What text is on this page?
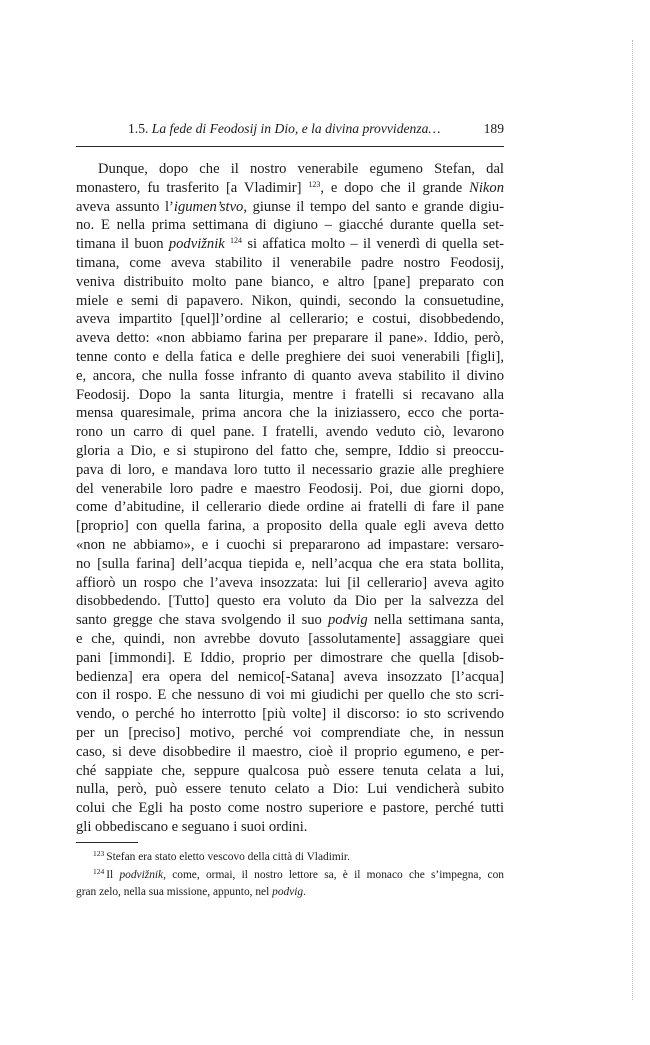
1.5. La fede di Feodosij in Dio, e la divina provvidenza…	189
Dunque, dopo che il nostro venerabile egumeno Stefan, dal
monastero, fu trasferito [a Vladimir] $^{123}$, e dopo che il grande Nikon
aveva assunto l’igumen’stvo, giunse il tempo del santo e grande digiu-
no. E nella prima settimana di digiuno – giacché durante quella set-
timana il buon podvižnik $^{124}$ si affatica molto – il venerdì di quella set-
timana, come aveva stabilito il venerabile padre nostro Feodosij,
veniva distribuito molto pane bianco, e altro [pane] preparato con
miele e semi di papavero. Nikon, quindi, secondo la consuetudine,
aveva impartito [quel]l’ordine al cellerario; e costui, disobbedendo,
aveva detto: «non abbiamo farina per preparare il pane». Iddio, però,
tenne conto e della fatica e delle preghiere dei suoi venerabili [figli],
e, ancora, che nulla fosse infranto di quanto aveva stabilito il divino
Feodosij. Dopo la santa liturgia, mentre i fratelli si recavano alla
mensa quaresimale, prima ancora che la iniziassero, ecco che porta-
rono un carro di quel pane. I fratelli, avendo veduto ciò, levarono
gloria a Dio, e si stupirono del fatto che, sempre, Iddio si preoccu-
pava di loro, e mandava loro tutto il necessario grazie alle preghiere
del venerabile loro padre e maestro Feodosij. Poi, due giorni dopo,
come d’abitudine, il cellerario diede ordine ai fratelli di fare il pane
[proprio] con quella farina, a proposito della quale egli aveva detto
«non ne abbiamo», e i cuochi si prepararono ad impastare: versaro-
no [sulla farina] dell’acqua tiepida e, nell’acqua che era stata bollita,
affiorò un rospo che l’aveva insozzata: lui [il cellerario] aveva agito
disobbedendo. [Tutto] questo era voluto da Dio per la salvezza del
santo gregge che stava svolgendo il suo podvig nella settimana santa,
e che, quindi, non avrebbe dovuto [assolutamente] assaggiare quei
pani [immondi]. E Iddio, proprio per dimostrare che quella [disob-
bedienza] era opera del nemico[-Satana] aveva insozzato [l’acqua]
con il rospo. E che nessuno di voi mi giudichi per quello che sto scri-
vendo, o perché ho interrotto [più volte] il discorso: io sto scrivendo
per un [preciso] motivo, perché voi comprendiate che, in nessun
caso, si deve disobbedire il maestro, cioè il proprio egumeno, e per-
ché sappiate che, seppure qualcosa può essere tenuta celata a lui,
nulla, però, può essere tenuto celato a Dio: Lui vendicherà subito
colui che Egli ha posto come nostro superiore e pastore, perché tutti
gli obbediscano e seguano i suoi ordini.
$^{123}$ Stefan era stato eletto vescovo della città di Vladimir.
$^{124}$ Il podvižnik, come, ormai, il nostro lettore sa, è il monaco che s’impegna, con
gran zelo, nella sua missione, appunto, nel podvig.
